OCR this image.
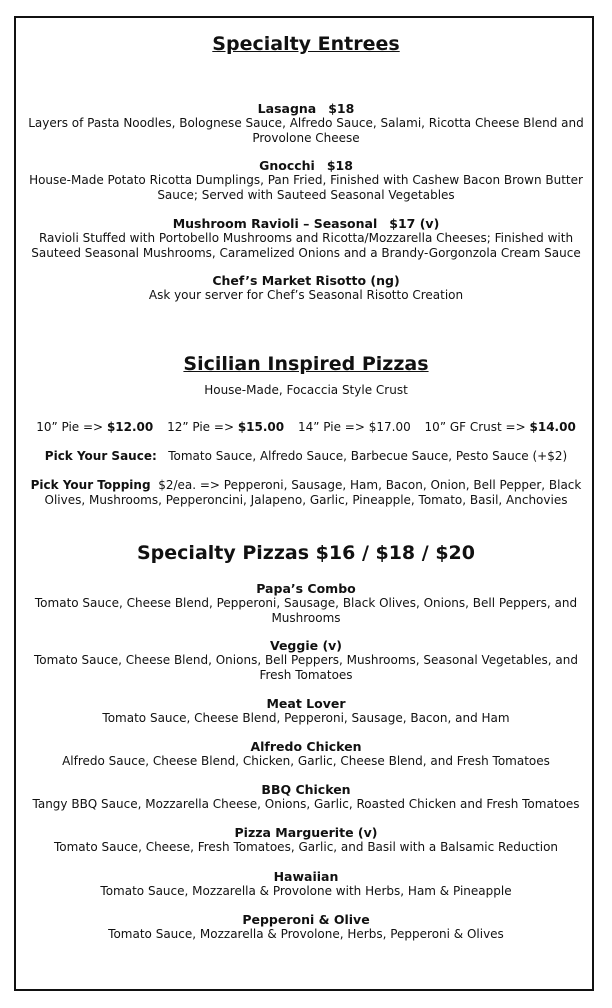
Specialty Entrees
Lasagna $18
Layers of Pasta Noodles, Bolognese Sauce, Alfredo Sauce, Salami, Ricotta Cheese Blend and Provolone Cheese
Gnocchi $18
House-Made Potato Ricotta Dumplings, Pan Fried, Finished with Cashew Bacon Brown Butter Sauce; Served with Sauteed Seasonal Vegetables
Mushroom Ravioli – Seasonal $17 (v)
Ravioli Stuffed with Portobello Mushrooms and Ricotta/Mozzarella Cheeses; Finished with Sauteed Seasonal Mushrooms, Caramelized Onions and a Brandy-Gorgonzola Cream Sauce
Chef’s Market Risotto (ng)
Ask your server for Chef’s Seasonal Risotto Creation
Sicilian Inspired Pizzas
House-Made, Focaccia Style Crust
10” Pie => $12.00 12” Pie => $15.00 14” Pie => $17.00 10” GF Crust => $14.00
Pick Your Sauce: Tomato Sauce, Alfredo Sauce, Barbecue Sauce, Pesto Sauce (+$2)
Pick Your Topping $2/ea. => Pepperoni, Sausage, Ham, Bacon, Onion, Bell Pepper, Black Olives, Mushrooms, Pepperoncini, Jalapeno, Garlic, Pineapple, Tomato, Basil, Anchovies
Specialty Pizzas $16 / $18 / $20
Papa’s Combo
Tomato Sauce, Cheese Blend, Pepperoni, Sausage, Black Olives, Onions, Bell Peppers, and Mushrooms
Veggie (v)
Tomato Sauce, Cheese Blend, Onions, Bell Peppers, Mushrooms, Seasonal Vegetables, and Fresh Tomatoes
Meat Lover
Tomato Sauce, Cheese Blend, Pepperoni, Sausage, Bacon, and Ham
Alfredo Chicken
Alfredo Sauce, Cheese Blend, Chicken, Garlic, Cheese Blend, and Fresh Tomatoes
BBQ Chicken
Tangy BBQ Sauce, Mozzarella Cheese, Onions, Garlic, Roasted Chicken and Fresh Tomatoes
Pizza Marguerite (v)
Tomato Sauce, Cheese, Fresh Tomatoes, Garlic, and Basil with a Balsamic Reduction
Hawaiian
Tomato Sauce, Mozzarella & Provolone with Herbs, Ham & Pineapple
Pepperoni & Olive
Tomato Sauce, Mozzarella & Provolone, Herbs, Pepperoni & Olives
